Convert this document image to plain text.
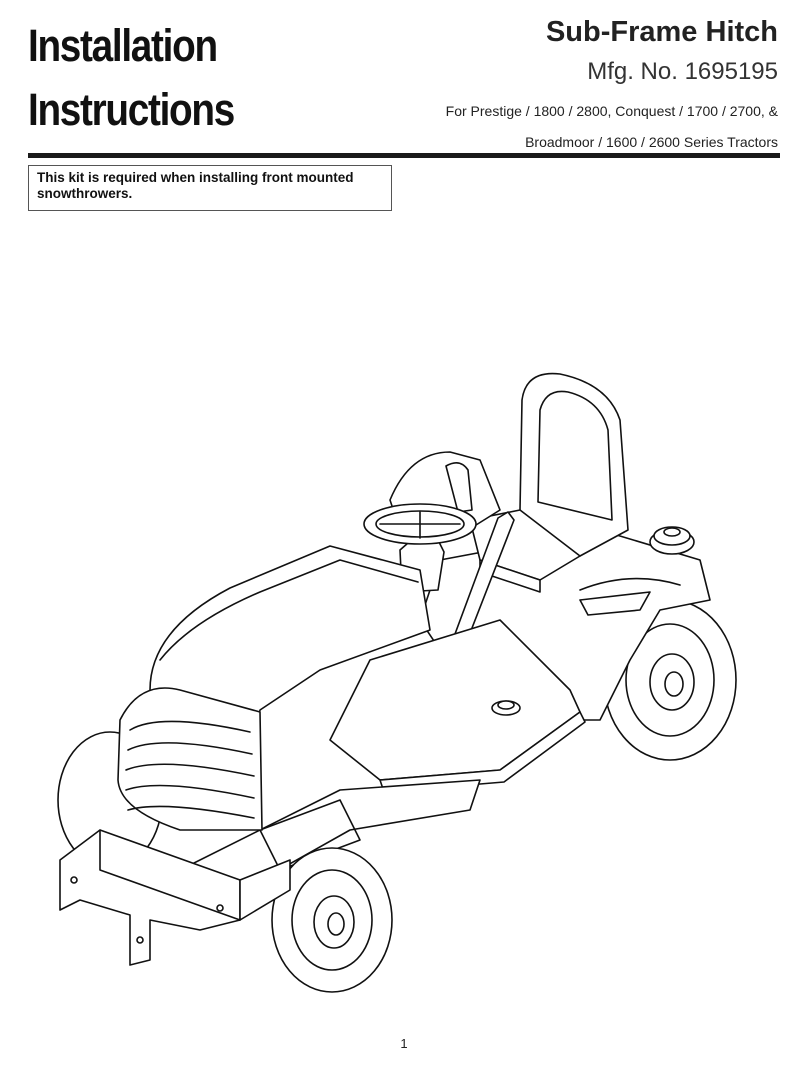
Installation
Instructions
Sub-Frame Hitch
Mfg. No. 1695195
For Prestige / 1800 / 2800, Conquest / 1700 / 2700, &
Broadmoor / 1600 / 2600 Series Tractors
This kit is required when installing front mounted snowthrowers.
1
